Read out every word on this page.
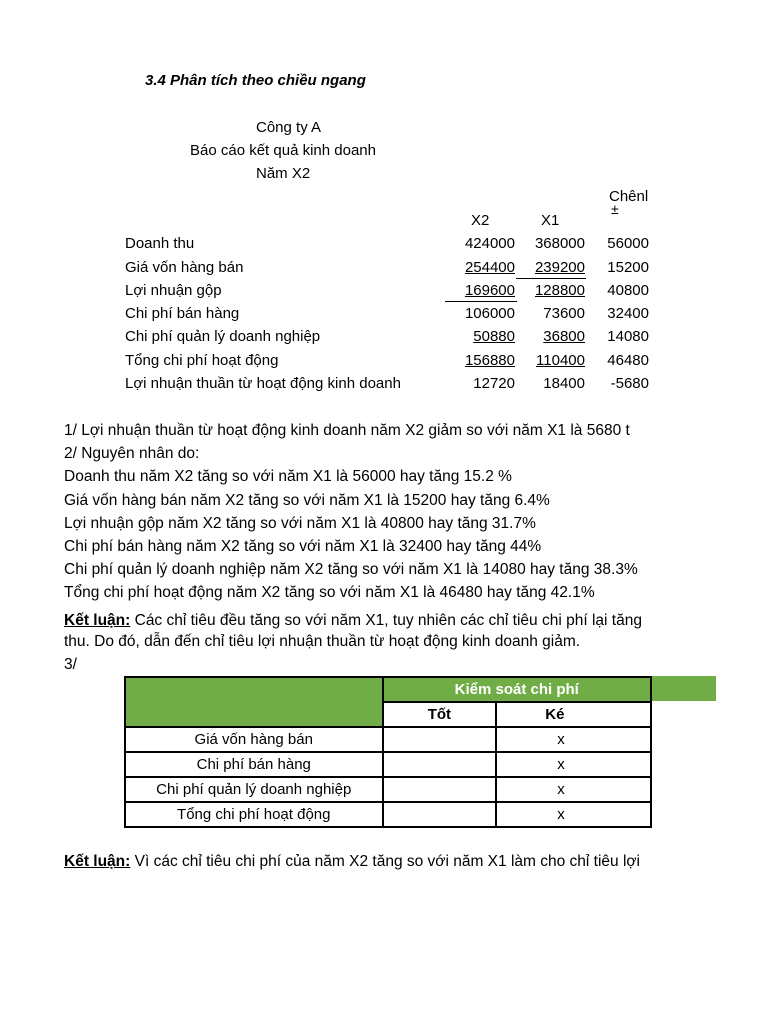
3.4 Phân tích theo chiều ngang
Công ty A
Báo cáo kết quả kinh doanh
Năm X2
Chênl
±
X2	X1
Doanh thu	424000	368000	56000
Giá vốn hàng bán	254400	239200	15200
Lợi nhuận gộp	169600	128800	40800
Chi phí bán hàng	106000	73600	32400
Chi phí quản lý doanh nghiệp	50880	36800	14080
Tổng chi phí hoạt động	156880	110400	46480
Lợi nhuận thuần từ hoạt động kinh doanh	12720	18400	-5680
1/ Lợi nhuận thuần từ hoạt động kinh doanh năm X2 giảm so với năm X1 là 5680 t
2/ Nguyên nhân do:
Doanh thu năm X2 tăng so với năm X1 là 56000 hay tăng 15.2 %
Giá vốn hàng bán năm X2 tăng so với năm X1 là 15200 hay tăng 6.4%
Lợi nhuận gộp năm X2 tăng so với năm X1 là 40800 hay tăng 31.7%
Chi phí bán hàng năm X2 tăng so với năm X1 là 32400 hay tăng 44%
Chi phí quản lý doanh nghiệp năm X2 tăng so với năm X1 là 14080 hay tăng 38.3%
Tổng chi phí hoạt động năm X2 tăng so với năm X1 là 46480 hay tăng 42.1%
Kết luận: Các chỉ tiêu đều tăng so với năm X1, tuy nhiên các chỉ tiêu chi phí lại tăng
thu. Do đó, dẫn đến chỉ tiêu lợi nhuận thuần từ hoạt động kinh doanh giảm.
3/
	Kiểm soát chi phí	
	Tốt	Ké
Giá vốn hàng bán		x
Chi phí bán hàng		x
Chi phí quản lý doanh nghiệp		x
Tổng chi phí hoạt động		x
Kết luận: Vì các chỉ tiêu chi phí của năm X2 tăng so với năm X1 làm cho chỉ tiêu lợi
